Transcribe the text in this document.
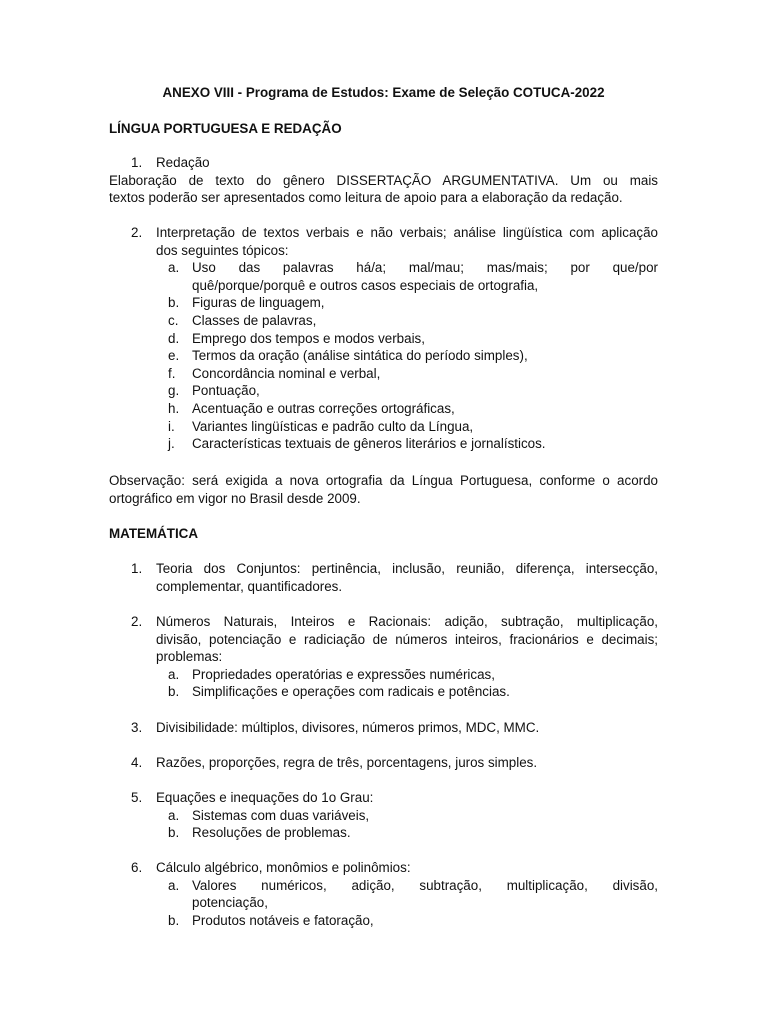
ANEXO VIII - Programa de Estudos: Exame de Seleção COTUCA-2022
LÍNGUA PORTUGUESA E REDAÇÃO
1.	Redação
Elaboração de texto do gênero DISSERTAÇÃO ARGUMENTATIVA. Um ou mais
textos poderão ser apresentados como leitura de apoio para a elaboração da redação.
2.	Interpretação de textos verbais e não verbais; análise lingüística com aplicação
dos seguintes tópicos:
a. Uso das palavras há/a; mal/mau; mas/mais; por que/por
quê/porque/porquê e outros casos especiais de ortografia,
b. Figuras de linguagem,
c.	Classes de palavras,
d. Emprego dos tempos e modos verbais,
e. Termos da oração (análise sintática do período simples),
f.	Concordância nominal e verbal,
g. Pontuação,
h. Acentuação e outras correções ortográficas,
i.	Variantes lingüísticas e padrão culto da Língua,
j.	Características textuais de gêneros literários e jornalísticos.
Observação: será exigida a nova ortografia da Língua Portuguesa, conforme o acordo
ortográfico em vigor no Brasil desde 2009.
MATEMÁTICA
1.	Teoria dos Conjuntos: pertinência, inclusão, reunião, diferença, intersecção,
complementar, quantificadores.
2.	Números Naturais, Inteiros e Racionais: adição, subtração, multiplicação,
divisão, potenciação e radiciação de números inteiros, fracionários e decimais;
problemas:
a. Propriedades operatórias e expressões numéricas,
b. Simplificações e operações com radicais e potências.
3.	Divisibilidade: múltiplos, divisores, números primos, MDC, MMC.
4.	Razões, proporções, regra de três, porcentagens, juros simples.
5.	Equações e inequações do 1o Grau:
a. Sistemas com duas variáveis,
b. Resoluções de problemas.
6.	Cálculo algébrico, monômios e polinômios:
a. Valores numéricos, adição, subtração, multiplicação, divisão,
potenciação,
b. Produtos notáveis e fatoração,
